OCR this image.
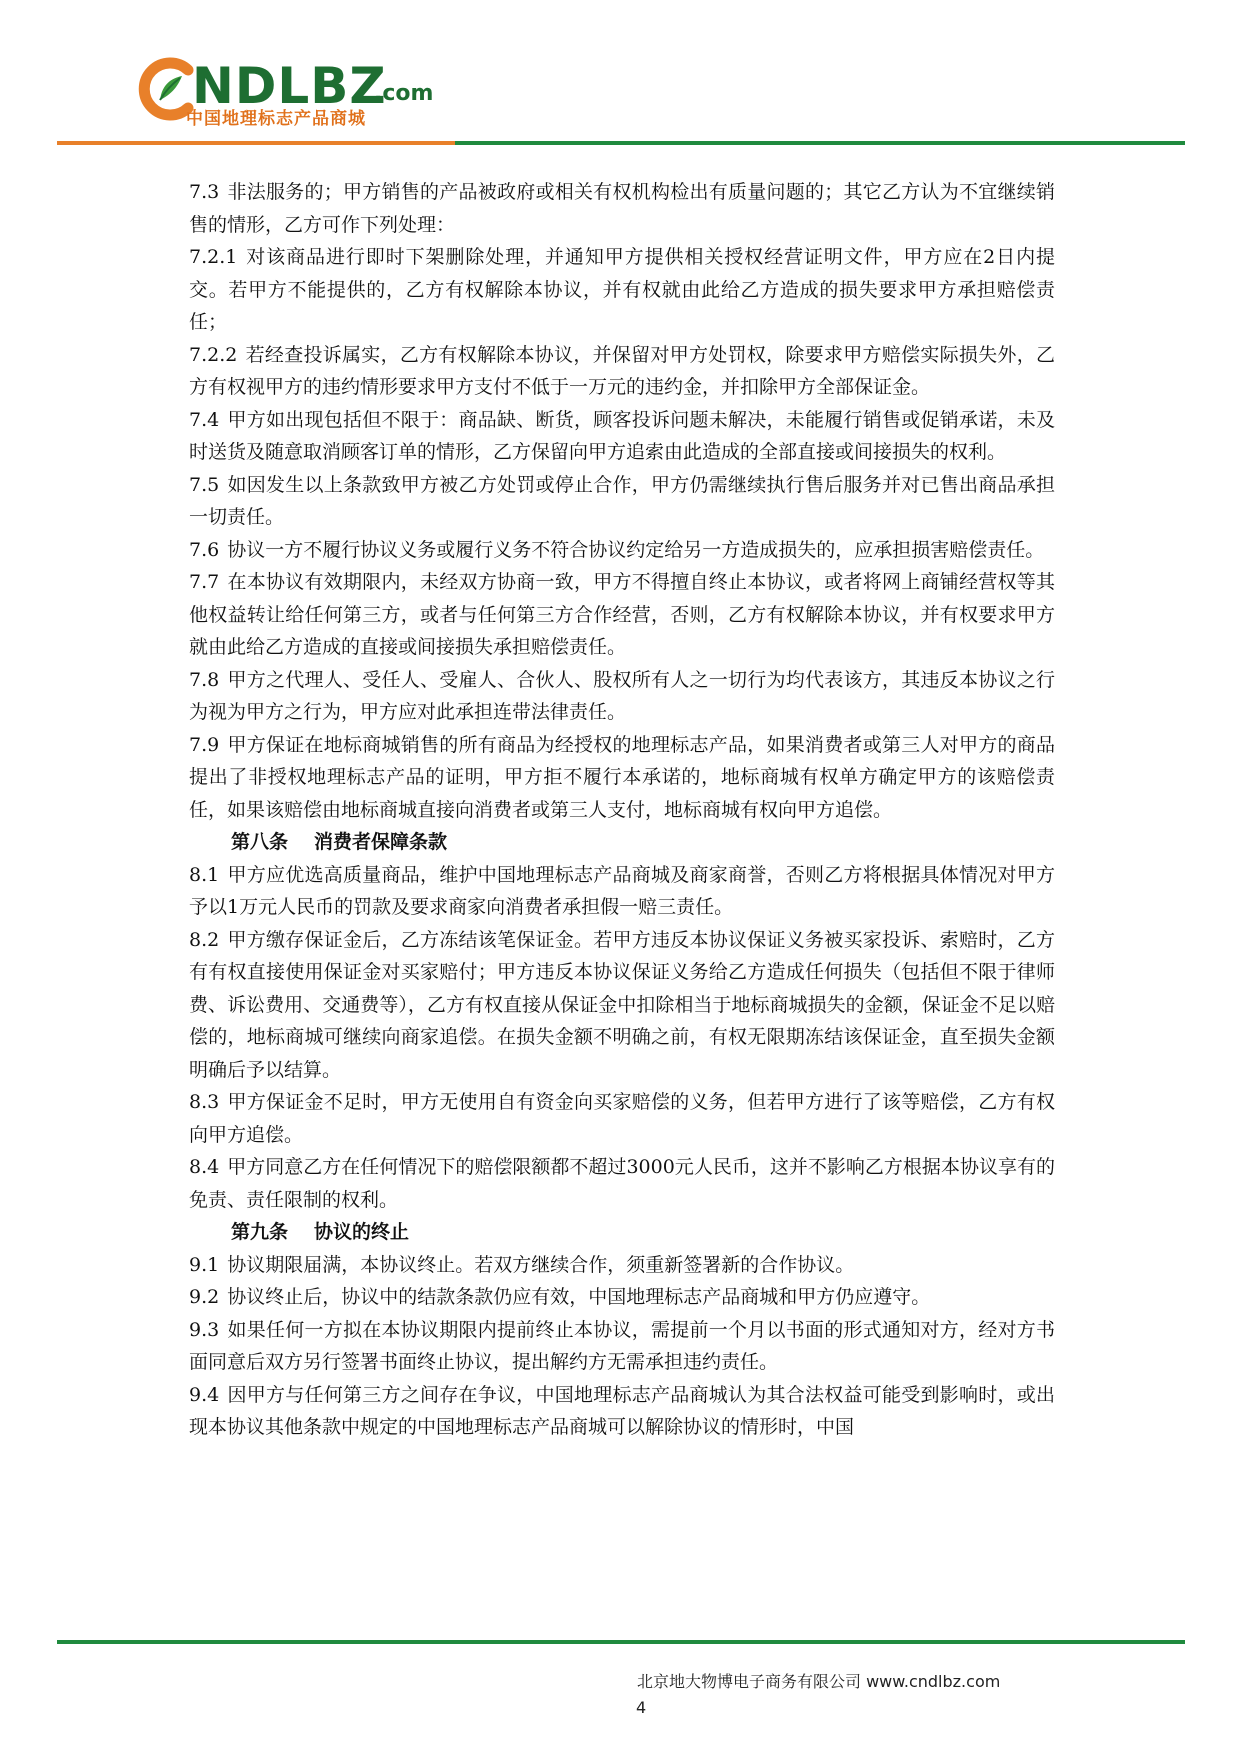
NDLBZ
.com
中国地理标志产品商城

7.3 非法服务的；甲方销售的产品被政府或相关有权机构检出有质量问题的；其它乙方认为不宜继续销售的情形，乙方可作下列处理：

7.2.1 对该商品进行即时下架删除处理，并通知甲方提供相关授权经营证明文件，甲方应在2日内提交。若甲方不能提供的，乙方有权解除本协议，并有权就由此给乙方造成的损失要求甲方承担赔偿责任；

7.2.2 若经查投诉属实，乙方有权解除本协议，并保留对甲方处罚权，除要求甲方赔偿实际损失外，乙方有权视甲方的违约情形要求甲方支付不低于一万元的违约金，并扣除甲方全部保证金。

7.4 甲方如出现包括但不限于：商品缺、断货，顾客投诉问题未解决，未能履行销售或促销承诺，未及时送货及随意取消顾客订单的情形，乙方保留向甲方追索由此造成的全部直接或间接损失的权利。

7.5 如因发生以上条款致甲方被乙方处罚或停止合作，甲方仍需继续执行售后服务并对已售出商品承担一切责任。

7.6 协议一方不履行协议义务或履行义务不符合协议约定给另一方造成损失的，应承担损害赔偿责任。

7.7 在本协议有效期限内，未经双方协商一致，甲方不得擅自终止本协议，或者将网上商铺经营权等其他权益转让给任何第三方，或者与任何第三方合作经营，否则，乙方有权解除本协议，并有权要求甲方就由此给乙方造成的直接或间接损失承担赔偿责任。

7.8 甲方之代理人、受任人、受雇人、合伙人、股权所有人之一切行为均代表该方，其违反本协议之行为视为甲方之行为，甲方应对此承担连带法律责任。

7.9 甲方保证在地标商城销售的所有商品为经授权的地理标志产品，如果消费者或第三人对甲方的商品提出了非授权地理标志产品的证明，甲方拒不履行本承诺的，地标商城有权单方确定甲方的该赔偿责任，如果该赔偿由地标商城直接向消费者或第三人支付，地标商城有权向甲方追偿。

第八条 消费者保障条款

8.1 甲方应优选高质量商品，维护中国地理标志产品商城及商家商誉，否则乙方将根据具体情况对甲方予以1万元人民币的罚款及要求商家向消费者承担假一赔三责任。

8.2 甲方缴存保证金后，乙方冻结该笔保证金。若甲方违反本协议保证义务被买家投诉、索赔时，乙方有有权直接使用保证金对买家赔付；甲方违反本协议保证义务给乙方造成任何损失（包括但不限于律师费、诉讼费用、交通费等），乙方有权直接从保证金中扣除相当于地标商城损失的金额，保证金不足以赔偿的，地标商城可继续向商家追偿。在损失金额不明确之前，有权无限期冻结该保证金，直至损失金额明确后予以结算。

8.3 甲方保证金不足时，甲方无使用自有资金向买家赔偿的义务，但若甲方进行了该等赔偿，乙方有权向甲方追偿。

8.4 甲方同意乙方在任何情况下的赔偿限额都不超过3000元人民币，这并不影响乙方根据本协议享有的免责、责任限制的权利。

第九条 协议的终止

9.1 协议期限届满，本协议终止。若双方继续合作，须重新签署新的合作协议。

9.2 协议终止后，协议中的结款条款仍应有效，中国地理标志产品商城和甲方仍应遵守。

9.3 如果任何一方拟在本协议期限内提前终止本协议，需提前一个月以书面的形式通知对方，经对方书面同意后双方另行签署书面终止协议，提出解约方无需承担违约责任。

9.4 因甲方与任何第三方之间存在争议，中国地理标志产品商城认为其合法权益可能受到影响时，或出现本协议其他条款中规定的中国地理标志产品商城可以解除协议的情形时，中国

北京地大物博电子商务有限公司 www.cndlbz.com
4
